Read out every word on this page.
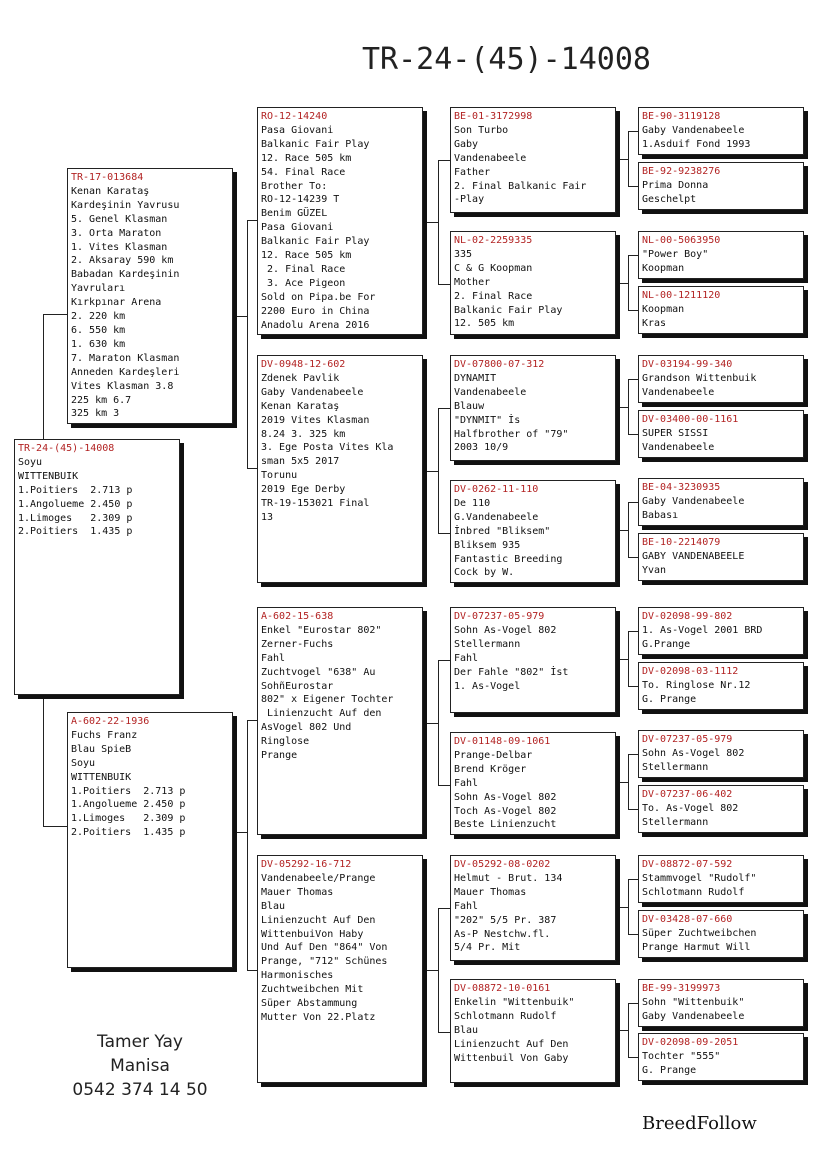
TR-24-(45)-14008
TR-24-(45)-14008
Soyu
WITTENBUIK
1.Poitiers  2.713 p
1.Angolueme 2.450 p
1.Limoges   2.309 p
2.Poitiers  1.435 p
TR-17-013684
Kenan Karataş
Kardeşinin Yavrusu
5. Genel Klasman
3. Orta Maraton
1. Vites Klasman
2. Aksaray 590 km
Babadan Kardeşinin
Yavruları
Kırkpınar Arena
2. 220 km
6. 550 km
1. 630 km
7. Maraton Klasman
Anneden Kardeşleri
Vites Klasman 3.8
225 km 6.7
325 km 3
A-602-22-1936
Fuchs Franz
Blau SpieB
Soyu
WITTENBUIK
1.Poitiers  2.713 p
1.Angolueme 2.450 p
1.Limoges   2.309 p
2.Poitiers  1.435 p
RO-12-14240
Pasa Giovani
Balkanic Fair Play
12. Race 505 km
54. Final Race
Brother To:
RO-12-14239 T
Benim GÜZEL
Pasa Giovani
Balkanic Fair Play
12. Race 505 km
2. Final Race
3. Ace Pigeon
Sold on Pipa.be For
2200 Euro in China
Anadolu Arena 2016
DV-0948-12-602
Zdenek Pavlik
Gaby Vandenabeele
Kenan Karataş
2019 Vites Klasman
8.24 3. 325 km
3. Ege Posta Vites Kla
sman 5x5 2017
Torunu
2019 Ege Derby
TR-19-153021 Final
13
A-602-15-638
Enkel "Eurostar 802"
Zerner-Fuchs
Fahl
Zuchtvogel "638" Au
SohñEurostar
802" x Eigener Tochter
Linienzucht Auf den
AsVogel 802 Und
Ringlose
Prange
DV-05292-16-712
Vandenabeele/Prange
Mauer Thomas
Blau
Linienzucht Auf Den
WittenbuiVon Haby
Und Auf Den "864" Von
Prange, "712" Schünes
Harmonisches
Zuchtweibchen Mit
Süper Abstammung
Mutter Von 22.Platz
BE-01-3172998
Son Turbo
Gaby
Vandenabeele
Father
2. Final Balkanic Fair
-Play
NL-02-2259335
335
C & G Koopman
Mother
2. Final Race
Balkanic Fair Play
12. 505 km
DV-07800-07-312
DYNAMIT
Vandenabeele
Blauw
"DYNMIT" İs
Halfbrother of "79"
2003 10/9
DV-0262-11-110
De 110
G.Vandenabeele
İnbred "Bliksem"
Bliksem 935
Fantastic Breeding
Cock by W.
DV-07237-05-979
Sohn As-Vogel 802
Stellermann
Fahl
Der Fahle "802" İst
1. As-Vogel
DV-01148-09-1061
Prange-Delbar
Brend Kröger
Fahl
Sohn As-Vogel 802
Toch As-Vogel 802
Beste Linienzucht
DV-05292-08-0202
Helmut - Brut. 134
Mauer Thomas
Fahl
"202" 5/5 Pr. 387
As-P Nestchw.fl.
5/4 Pr. Mit
DV-08872-10-0161
Enkelin "Wittenbuik"
Schlotmann Rudolf
Blau
Linienzucht Auf Den
Wittenbuil Von Gaby
BE-90-3119128
Gaby Vandenabeele
1.Asduif Fond 1993
BE-92-9238276
Prima Donna
Geschelpt
NL-00-5063950
"Power Boy"
Koopman
NL-00-1211120
Koopman
Kras
DV-03194-99-340
Grandson Wittenbuik
Vandenabeele
DV-03400-00-1161
SUPER SISSI
Vandenabeele
BE-04-3230935
Gaby Vandenabeele
Babası
BE-10-2214079
GABY VANDENABEELE
Yvan
DV-02098-99-802
1. As-Vogel 2001 BRD
G.Prange
DV-02098-03-1112
To. Ringlose Nr.12
G. Prange
DV-07237-05-979
Sohn As-Vogel 802
Stellermann
DV-07237-06-402
To. As-Vogel 802
Stellermann
DV-08872-07-592
Stammvogel "Rudolf"
Schlotmann Rudolf
DV-03428-07-660
Süper Zuchtweibchen
Prange Harmut Will
BE-99-3199973
Sohn "Wittenbuik"
Gaby Vandenabeele
DV-02098-09-2051
Tochter "555"
G. Prange
Tamer Yay
Manisa
0542 374 14 50
BreedFollow
